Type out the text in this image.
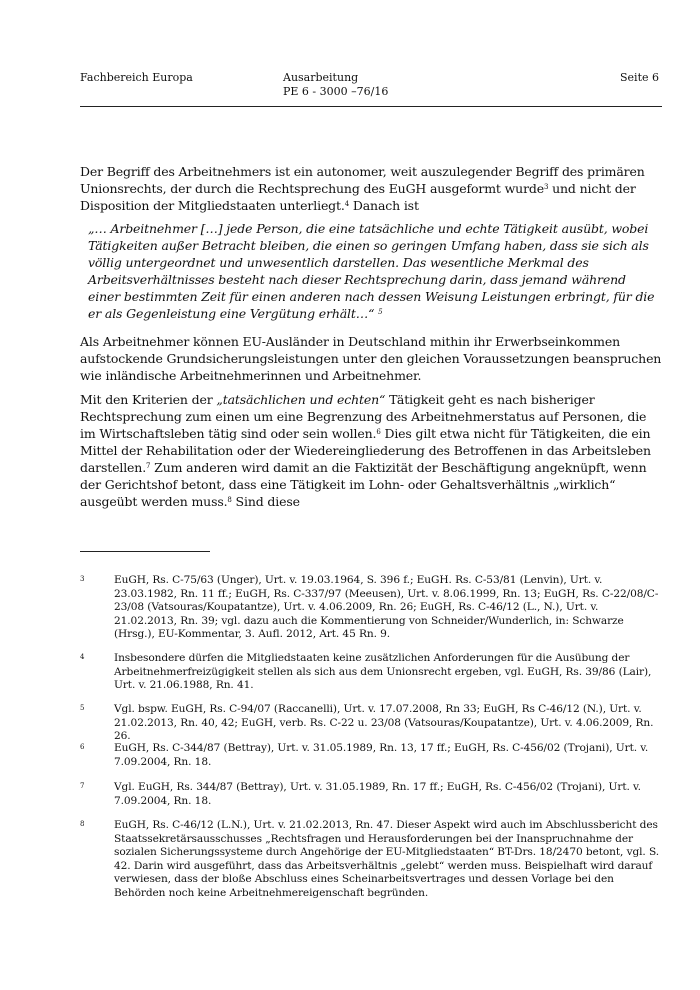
Fachbereich Europa	Ausarbeitung
PE 6 - 3000 –76/16
Seite 6

Der Begriff des Arbeitnehmers ist ein autonomer, weit auszulegender Begriff des primären Unionsrechts, der durch die Rechtsprechung des EuGH ausgeformt wurde$^3$ und nicht der Disposition der Mitgliedstaaten unterliegt.$^4$ Danach ist

„… Arbeitnehmer […] jede Person, die eine tatsächliche und echte Tätigkeit ausübt, wobei Tätigkeiten außer Betracht bleiben, die einen so geringen Umfang haben, dass sie sich als völlig untergeordnet und unwesentlich darstellen. Das wesentliche Merkmal des Arbeitsverhältnisses besteht nach dieser Rechtsprechung darin, dass jemand während einer bestimmten Zeit für einen anderen nach dessen Weisung Leistungen erbringt, für die er als Gegenleistung eine Vergütung erhält…“ $^5$

Als Arbeitnehmer können EU-Ausländer in Deutschland mithin ihr Erwerbseinkommen aufstockende Grundsicherungsleistungen unter den gleichen Voraussetzungen beanspruchen wie inländische Arbeitnehmerinnen und Arbeitnehmer.

Mit den Kriterien der „tatsächlichen und echten“ Tätigkeit geht es nach bisheriger Rechtsprechung zum einen um eine Begrenzung des Arbeitnehmerstatus auf Personen, die im Wirtschaftsleben tätig sind oder sein wollen.$^6$ Dies gilt etwa nicht für Tätigkeiten, die ein Mittel der Rehabilitation oder der Wiedereingliederung des Betroffenen in das Arbeitsleben darstellen.$^7$ Zum anderen wird damit an die Faktizität der Beschäftigung angeknüpft, wenn der Gerichtshof betont, dass eine Tätigkeit im Lohn- oder Gehaltsverhältnis „wirklich“ ausgeübt werden muss.$^8$ Sind diese

3	EuGH, Rs. C-75/63 (Unger), Urt. v. 19.03.1964, S. 396 f.; EuGH. Rs. C-53/81 (Lenvin), Urt. v. 23.03.1982, Rn. 11 ff.; EuGH, Rs. C-337/97 (Meeusen), Urt. v. 8.06.1999, Rn. 13; EuGH, Rs. C-22/08/C-23/08 (Vatsouras/Koupatantze), Urt. v. 4.06.2009, Rn. 26; EuGH, Rs. C-46/12 (L., N.), Urt. v. 21.02.2013, Rn. 39; vgl. dazu auch die Kommentierung von Schneider/Wunderlich, in: Schwarze (Hrsg.), EU-Kommentar, 3. Aufl. 2012, Art. 45 Rn. 9.
4	Insbesondere dürfen die Mitgliedstaaten keine zusätzlichen Anforderungen für die Ausübung der Arbeitnehmerfreizügigkeit stellen als sich aus dem Unionsrecht ergeben, vgl. EuGH, Rs. 39/86 (Lair), Urt. v. 21.06.1988, Rn. 41.
5	Vgl. bspw. EuGH, Rs. C-94/07 (Raccanelli), Urt. v. 17.07.2008, Rn 33; EuGH, Rs C-46/12 (N.), Urt. v. 21.02.2013, Rn. 40, 42; EuGH, verb. Rs. C-22 u. 23/08 (Vatsouras/Koupatantze), Urt. v. 4.06.2009, Rn. 26.
6	EuGH, Rs. C-344/87 (Bettray), Urt. v. 31.05.1989, Rn. 13, 17 ff.; EuGH, Rs. C-456/02 (Trojani), Urt. v. 7.09.2004, Rn. 18.
7	Vgl. EuGH, Rs. 344/87 (Bettray), Urt. v. 31.05.1989, Rn. 17 ff.; EuGH, Rs. C-456/02 (Trojani), Urt. v. 7.09.2004, Rn. 18.
8	EuGH, Rs. C-46/12 (L.N.), Urt. v. 21.02.2013, Rn. 47. Dieser Aspekt wird auch im Abschlussbericht des Staatssekretärsausschusses „Rechtsfragen und Herausforderungen bei der Inanspruchnahme der sozialen Sicherungssysteme durch Angehörige der EU-Mitgliedstaaten“ BT-Drs. 18/2470 betont, vgl. S. 42. Darin wird ausgeführt, dass das Arbeitsverhältnis „gelebt“ werden muss. Beispielhaft wird darauf verwiesen, dass der bloße Abschluss eines Scheinarbeitsvertrages und dessen Vorlage bei den Behörden noch keine Arbeitnehmereigenschaft begründen.
